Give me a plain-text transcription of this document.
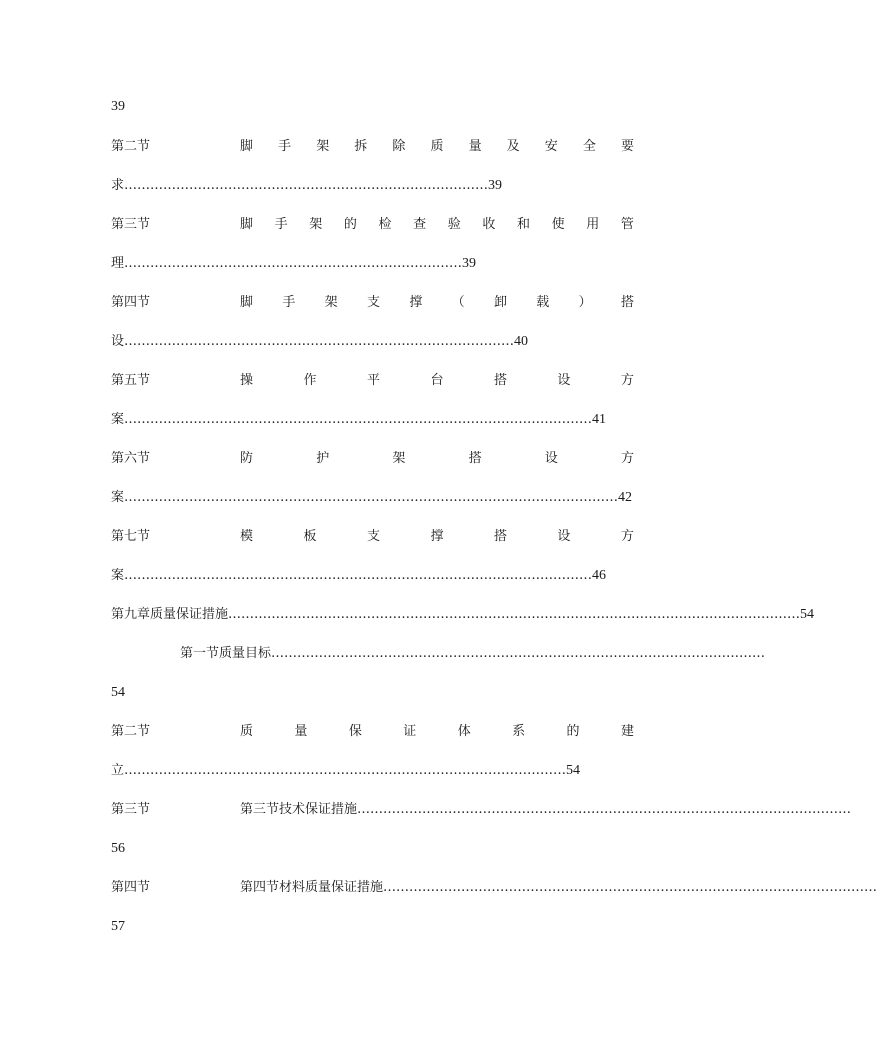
39
第二节	脚 手 架 拆 除 质 量 及 安 全 要
求…………………………………………………………………………39
第三节	脚 手 架 的 检 查 验 收 和 使 用 管
理……………………………………………………………………39
第四节	脚 手 架 支 撑 （ 卸 载 ） 搭
设………………………………………………………………………………40
第五节	操	作	平	台	搭	设	方
案………………………………………………………………………………………………41
第六节	防	护	架	搭	设	方
案……………………………………………………………………………………………………42
第七节	模	板	支	撑	搭	设	方
案………………………………………………………………………………………………46
第九章质量保证措施……………………………………………………………………………………………………………………54
第一节质量目标……………………………………………………………………………………………………
54
第二节	质	量	保	证	体	系	的	建
立…………………………………………………………………………………………54
第三节	第三节技术保证措施……………………………………………………………………………………………………
56
第四节	第四节材料质量保证措施……………………………………………………………………………………………………
57
